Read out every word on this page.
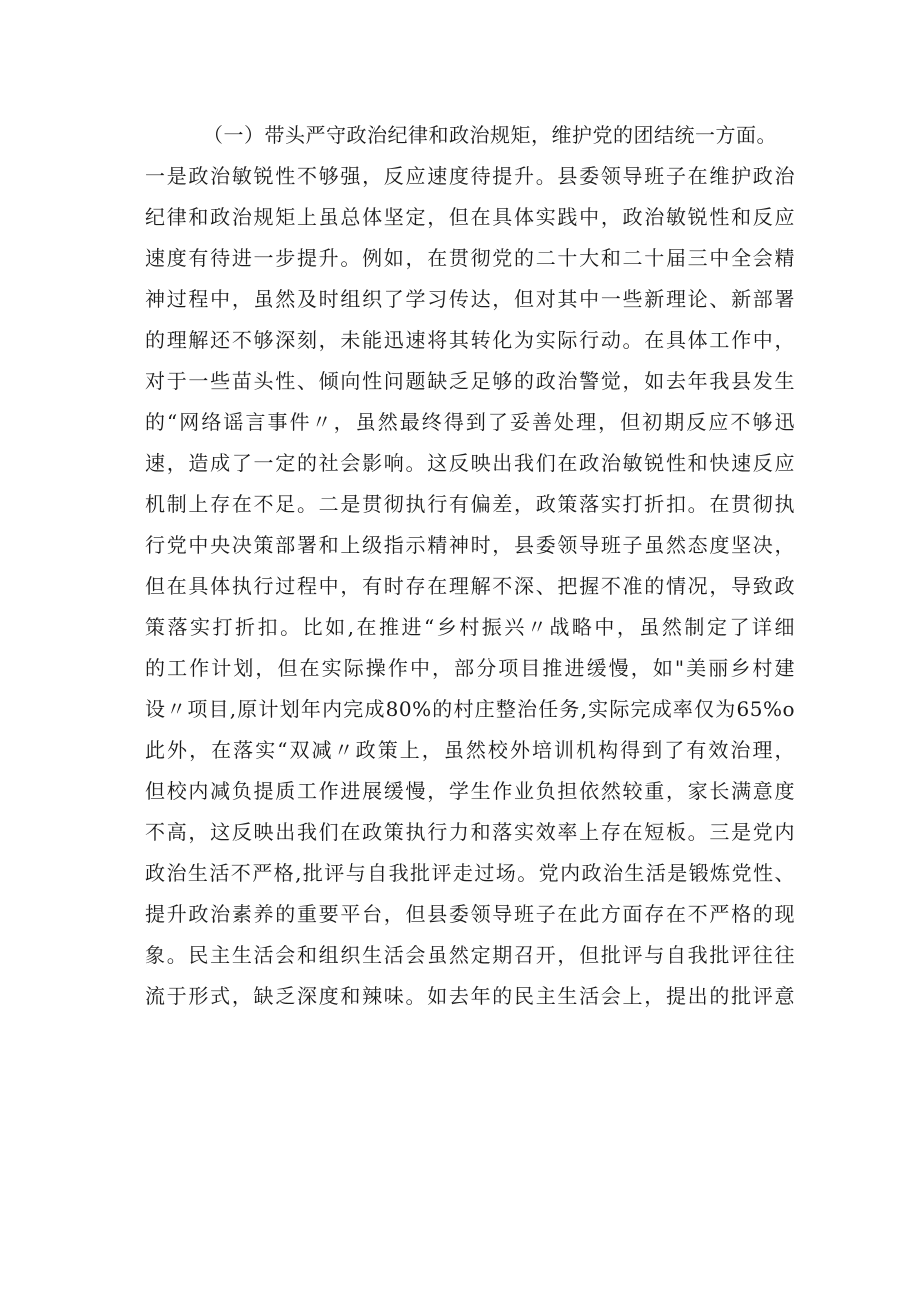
（一）带头严守政治纪律和政治规矩，维护党的团结统一方面。
一是政治敏锐性不够强，反应速度待提升。县委领导班子在维护政治
纪律和政治规矩上虽总体坚定，但在具体实践中，政治敏锐性和反应
速度有待进一步提升。例如，在贯彻党的二十大和二十届三中全会精
神过程中，虽然及时组织了学习传达，但对其中一些新理论、新部署
的理解还不够深刻，未能迅速将其转化为实际行动。在具体工作中，
对于一些苗头性、倾向性问题缺乏足够的政治警觉，如去年我县发生
的“网络谣言事件〃，虽然最终得到了妥善处理，但初期反应不够迅
速，造成了一定的社会影响。这反映出我们在政治敏锐性和快速反应
机制上存在不足。二是贯彻执行有偏差，政策落实打折扣。在贯彻执
行党中央决策部署和上级指示精神时，县委领导班子虽然态度坚决，
但在具体执行过程中，有时存在理解不深、把握不准的情况，导致政
策落实打折扣。比如,在推进“乡村振兴〃战略中，虽然制定了详细
的工作计划，但在实际操作中，部分项目推进缓慢，如"美丽乡村建
设〃项目,原计划年内完成80%的村庄整治任务,实际完成率仅为65%o
此外，在落实“双减〃政策上，虽然校外培训机构得到了有效治理，
但校内减负提质工作进展缓慢，学生作业负担依然较重，家长满意度
不高，这反映出我们在政策执行力和落实效率上存在短板。三是党内
政治生活不严格,批评与自我批评走过场。党内政治生活是锻炼党性、
提升政治素养的重要平台，但县委领导班子在此方面存在不严格的现
象。民主生活会和组织生活会虽然定期召开，但批评与自我批评往往
流于形式，缺乏深度和辣味。如去年的民主生活会上，提出的批评意
